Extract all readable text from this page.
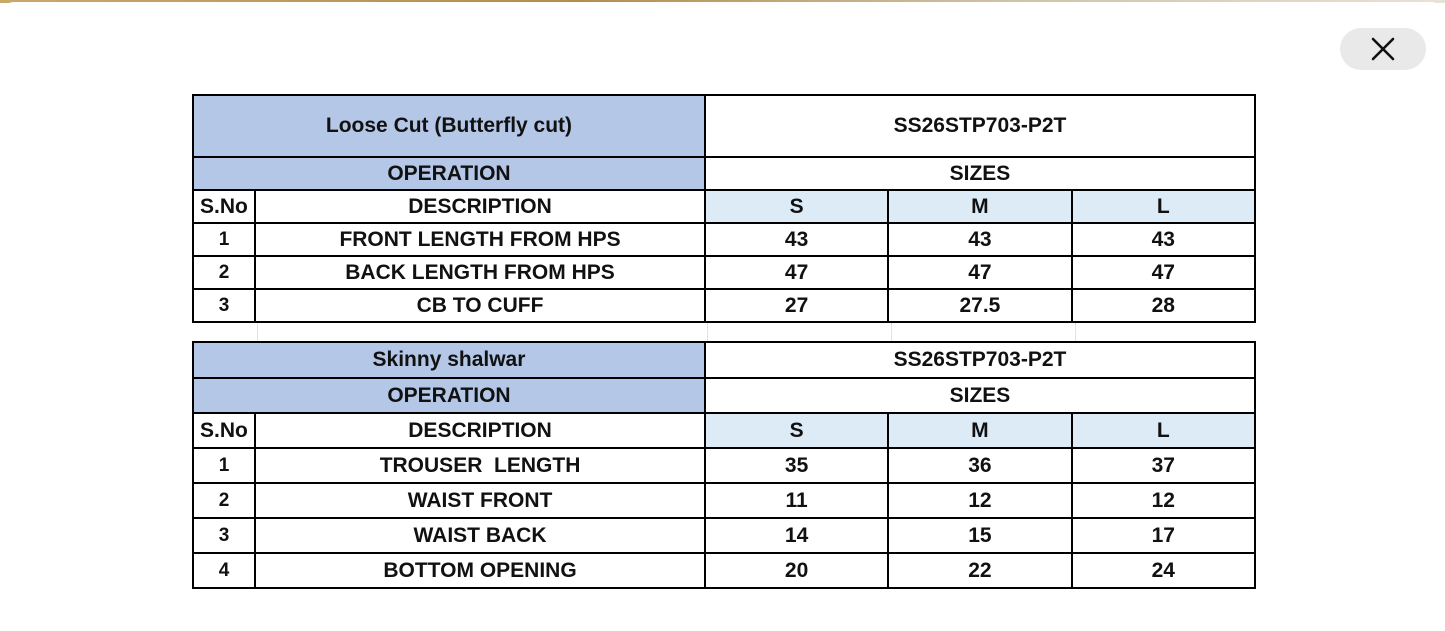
Loose Cut (Butterfly cut)		SS26STP703-P2T		
OPERATION		SIZES		
S.No	DESCRIPTION	S	M	L
1	FRONT LENGTH FROM HPS	43	43	43
2	BACK LENGTH FROM HPS	47	47	47
3	CB TO CUFF	27	27.5	28
Skinny shalwar		SS26STP703-P2T		
OPERATION		SIZES		
S.No	DESCRIPTION	S	M	L
1	TROUSER  LENGTH	35	36	37
2	WAIST FRONT	11	12	12
3	WAIST BACK	14	15	17
4	BOTTOM OPENING	20	22	24
